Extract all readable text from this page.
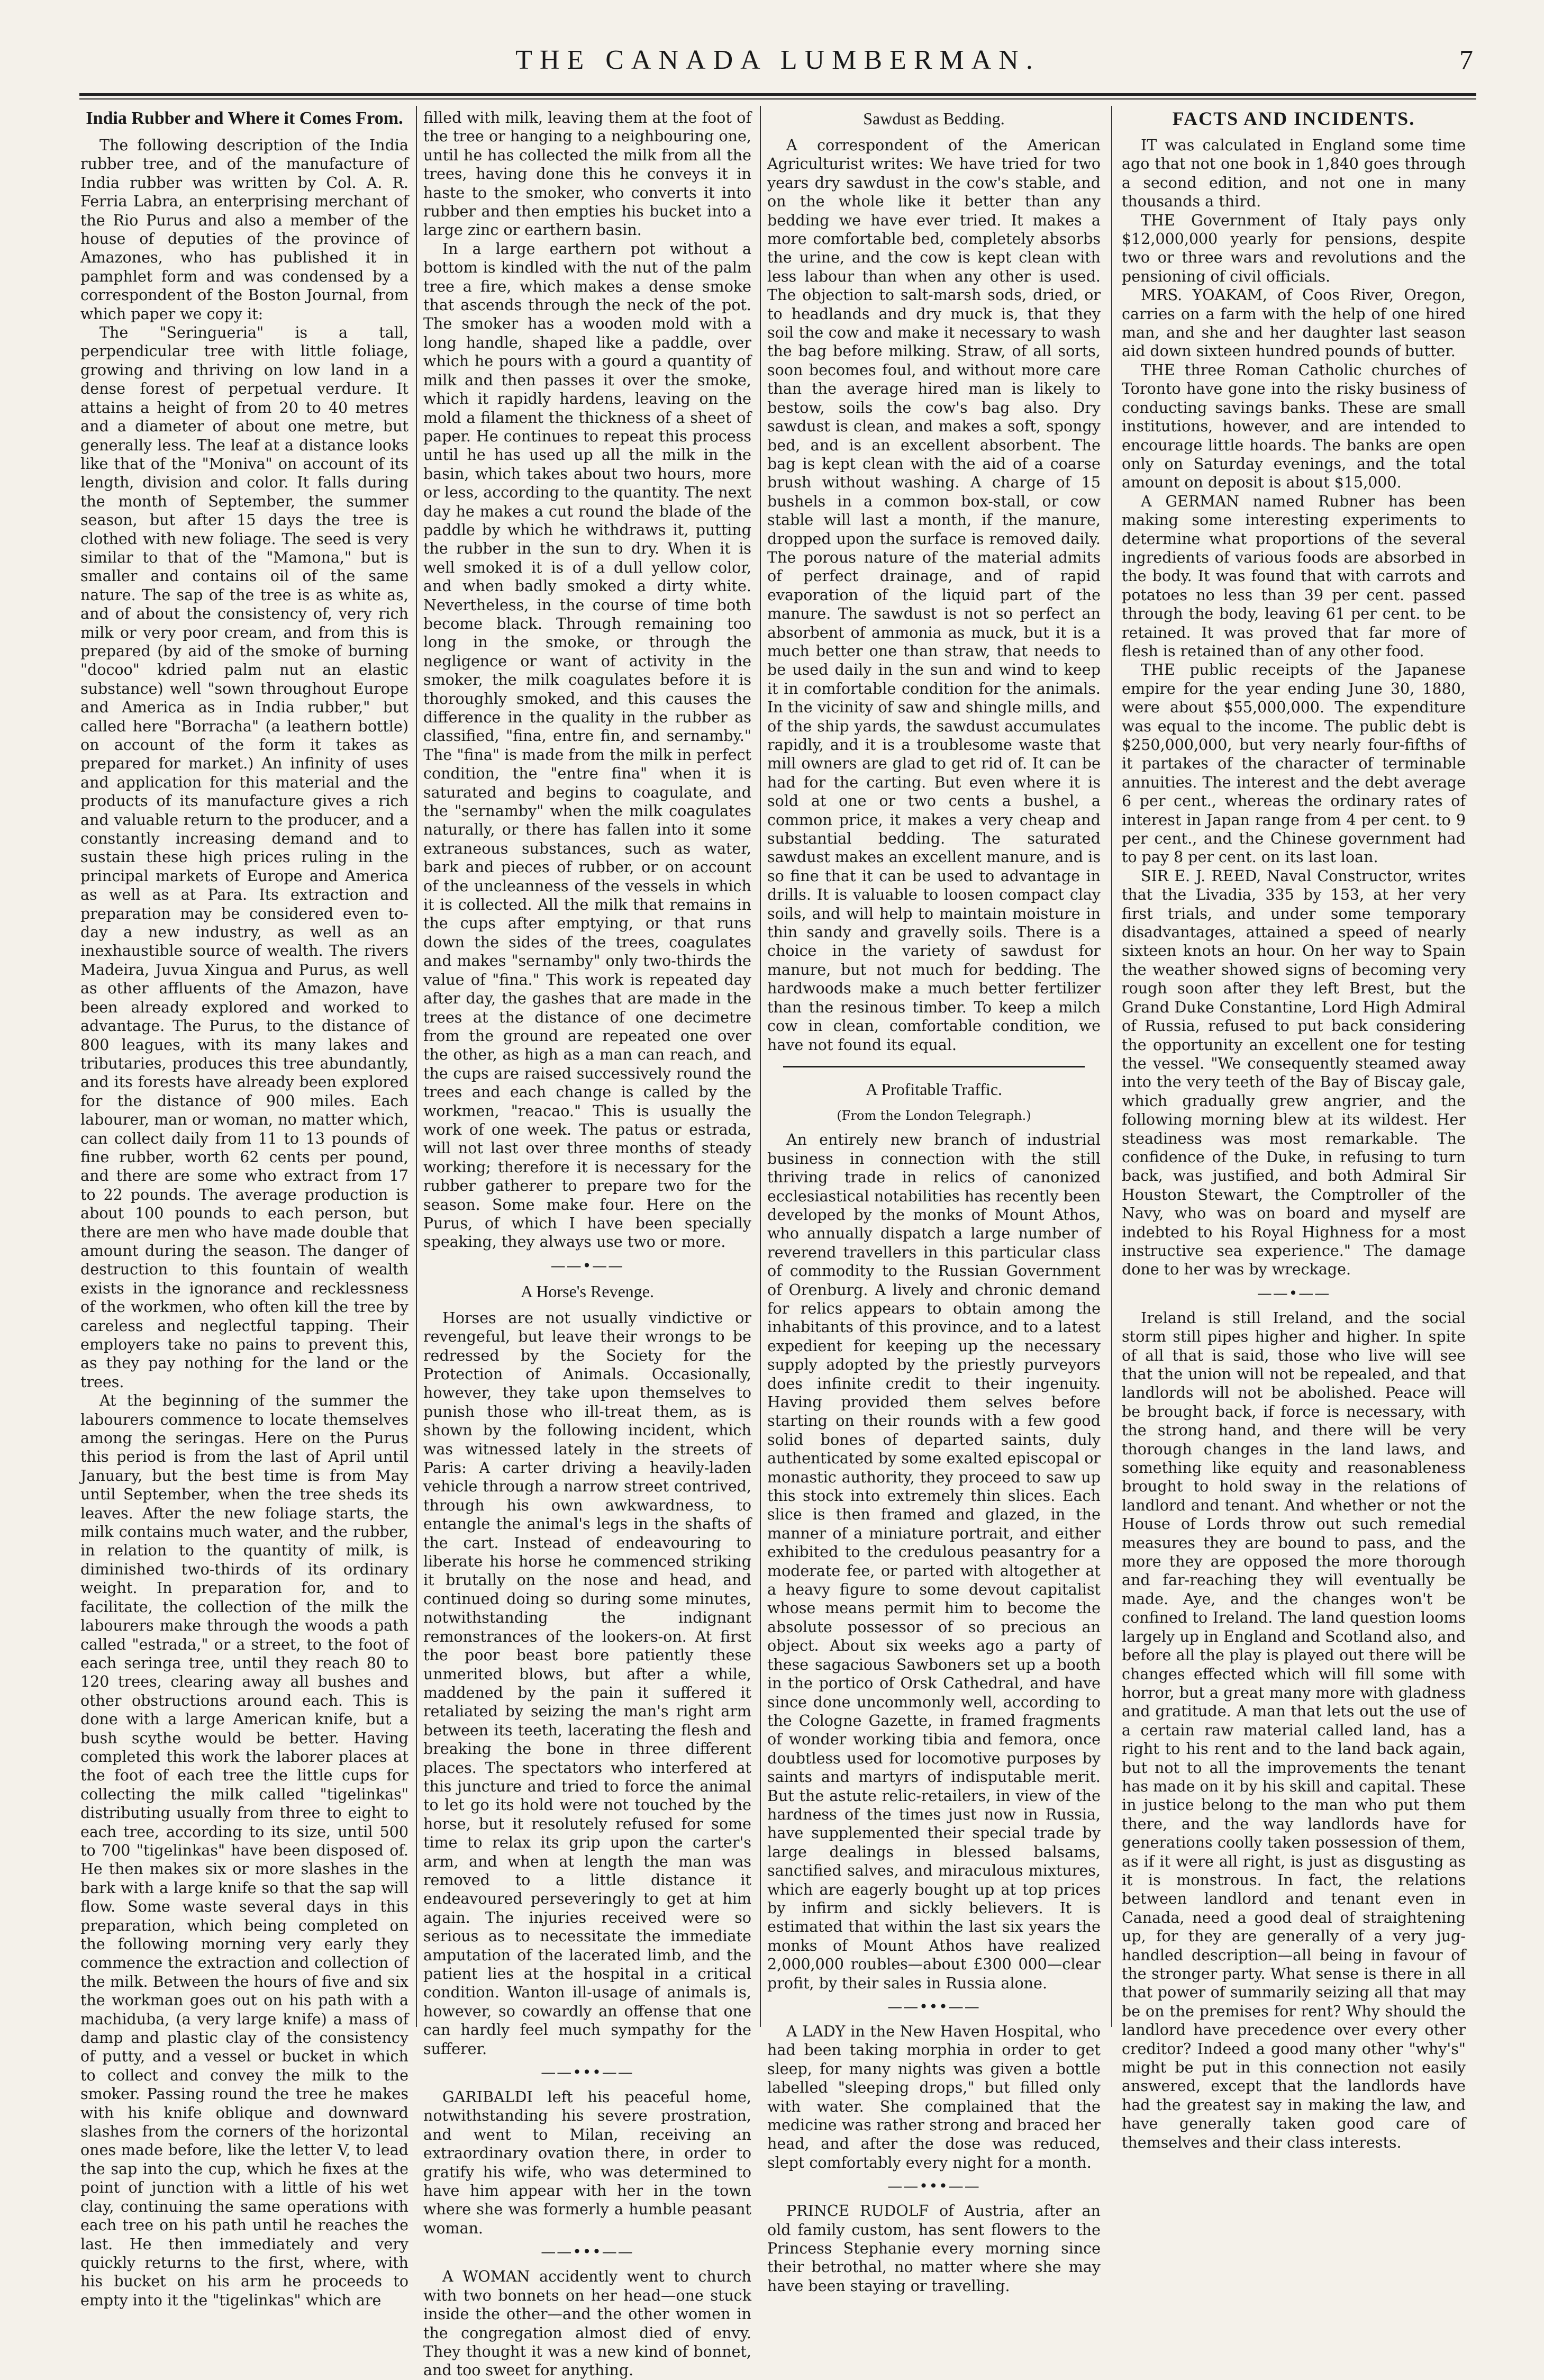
THE CANADA LUMBERMAN.	7
India Rubber and Where it Comes From.

The following description of the India rubber tree, and of the manufacture of India rubber was written by Col. A. R. Ferria Labra, an enterprising merchant of the Rio Purus and also a member of the house of deputies of the province of Amazones, who has published it in pamphlet form and was condensed by a correspondent of the Boston Journal, from which paper we copy it:

The "Seringueria" is a tall, perpendicular tree with little foliage, growing and thriving on low land in a dense forest of perpetual verdure. It attains a height of from 20 to 40 metres and a diameter of about one metre, but generally less. The leaf at a distance looks like that of the "Moniva" on account of its length, division and color. It falls during the month of September, the summer season, but after 15 days the tree is clothed with new foliage. The seed is very similar to that of the "Mamona," but is smaller and contains oil of the same nature. The sap of the tree is as white as, and of about the consistency of, very rich milk or very poor cream, and from this is prepared (by aid of the smoke of burning "docoo" kdried palm nut an elastic substance) well "sown throughout Europe and America as in India rubber," but called here "Borracha" (a leathern bottle) on account of the form it takes as prepared for market.) An infinity of uses and application for this material and the products of its manufacture gives a rich and valuable return to the producer, and a constantly increasing demand and to sustain these high prices ruling in the principal markets of Europe and America as well as at Para. Its extraction and preparation may be considered even to-day a new industry, as well as an inexhaustible source of wealth. The rivers Madeira, Juvua Xingua and Purus, as well as other affluents of the Amazon, have been already explored and worked to advantage. The Purus, to the distance of 800 leagues, with its many lakes and tributaries, produces this tree abundantly, and its forests have already been explored for the distance of 900 miles. Each labourer, man or woman, no matter which, can collect daily from 11 to 13 pounds of fine rubber, worth 62 cents per pound, and there are some who extract from 17 to 22 pounds. The average production is about 100 pounds to each person, but there are men who have made double that amount during the season. The danger of destruction to this fountain of wealth exists in the ignorance and recklessness of the workmen, who often kill the tree by careless and neglectful tapping. Their employers take no pains to prevent this, as they pay nothing for the land or the trees.

At the beginning of the summer the labourers commence to locate themselves among the seringas. Here on the Purus this period is from the last of April until January, but the best time is from May until September, when the tree sheds its leaves. After the new foliage starts, the milk contains much water, and the rubber, in relation to the quantity of milk, is diminished two-thirds of its ordinary weight. In preparation for, and to facilitate, the collection of the milk the labourers make through the woods a path called "estrada," or a street, to the foot of each seringa tree, until they reach 80 to 120 trees, clearing away all bushes and other obstructions around each. This is done with a large American knife, but a bush scythe would be better. Having completed this work the laborer places at the foot of each tree the little cups for collecting the milk called "tigelinkas" distributing usually from three to eight to each tree, according to its size, until 500 to 700 "tigelinkas" have been disposed of. He then makes six or more slashes in the bark with a large knife so that the sap will flow. Some waste several days in this preparation, which being completed on the following morning very early they commence the extraction and collection of the milk. Between the hours of five and six the workman goes out on his path with a machiduba, (a very large knife) a mass of damp and plastic clay of the consistency of putty, and a vessel or bucket in which to collect and convey the milk to the smoker. Passing round the tree he makes with his knife oblique and downward slashes from the corners of the horizontal ones made before, like the letter V, to lead the sap into the cup, which he fixes at the point of junction with a little of his wet clay, continuing the same operations with each tree on his path until he reaches the last. He then immediately and very quickly returns to the first, where, with his bucket on his arm he proceeds to empty into it the "tigelinkas" which are

filled with milk, leaving them at the foot of the tree or hanging to a neighbouring one, until he has collected the milk from all the trees, having done this he conveys it in haste to the smoker, who converts it into rubber and then empties his bucket into a large zinc or earthern basin.

In a large earthern pot without a bottom is kindled with the nut of the palm tree a fire, which makes a dense smoke that ascends through the neck of the pot. The smoker has a wooden mold with a long handle, shaped like a paddle, over which he pours with a gourd a quantity of milk and then passes it over the smoke, which it rapidly hardens, leaving on the mold a filament the thickness of a sheet of paper. He continues to repeat this process until he has used up all the milk in the basin, which takes about two hours, more or less, according to the quantity. The next day he makes a cut round the blade of the paddle by which he withdraws it, putting the rubber in the sun to dry. When it is well smoked it is of a dull yellow color, and when badly smoked a dirty white. Nevertheless, in the course of time both become black. Through remaining too long in the smoke, or through the negligence or want of activity in the smoker, the milk coagulates before it is thoroughly smoked, and this causes the difference in the quality in the rubber as classified, "fina, entre fin, and sernamby." The "fina" is made from the milk in perfect condition, the "entre fina" when it is saturated and begins to coagulate, and the "sernamby" when the milk coagulates naturally, or there has fallen into it some extraneous substances, such as water, bark and pieces of rubber, or on account of the uncleanness of the vessels in which it is collected. All the milk that remains in the cups after emptying, or that runs down the sides of the trees, coagulates and makes "sernamby" only two-thirds the value of "fina." This work is repeated day after day, the gashes that are made in the trees at the distance of one decimetre from the ground are repeated one over the other, as high as a man can reach, and the cups are raised successively round the trees and each change is called by the workmen, "reacao." This is usually the work of one week. The patus or estrada, will not last over three months of steady working; therefore it is necessary for the rubber gatherer to prepare two for the season. Some make four. Here on the Purus, of which I have been specially speaking, they always use two or more.

——•——
A Horse's Revenge.

Horses are not usually vindictive or revengeful, but leave their wrongs to be redressed by the Society for the Protection of Animals. Occasionally, however, they take upon themselves to punish those who ill-treat them, as is shown by the following incident, which was witnessed lately in the streets of Paris: A carter driving a heavily-laden vehicle through a narrow street contrived, through his own awkwardness, to entangle the animal's legs in the shafts of the cart. Instead of endeavouring to liberate his horse he commenced striking it brutally on the nose and head, and continued doing so during some minutes, notwithstanding the indignant remonstrances of the lookers-on. At first the poor beast bore patiently these unmerited blows, but after a while, maddened by the pain it suffered it retaliated by seizing the man's right arm between its teeth, lacerating the flesh and breaking the bone in three different places. The spectators who interfered at this juncture and tried to force the animal to let go its hold were not touched by the horse, but it resolutely refused for some time to relax its grip upon the carter's arm, and when at length the man was removed to a little distance it endeavoured perseveringly to get at him again. The injuries received were so serious as to necessitate the immediate amputation of the lacerated limb, and the patient lies at the hospital in a critical condition. Wanton ill-usage of animals is, however, so cowardly an offense that one can hardly feel much sympathy for the sufferer.

——•••——

GARIBALDI left his peaceful home, notwithstanding his severe prostration, and went to Milan, receiving an extraordinary ovation there, in order to gratify his wife, who was determined to have him appear with her in the town where she was formerly a humble peasant woman.

——•••——

A WOMAN accidently went to church with two bonnets on her head—one stuck inside the other—and the other women in the congregation almost died of envy. They thought it was a new kind of bonnet, and too sweet for anything.

Sawdust as Bedding.

A correspondent of the American Agriculturist writes: We have tried for two years dry sawdust in the cow's stable, and on the whole like it better than any bedding we have ever tried. It makes a more comfortable bed, completely absorbs the urine, and the cow is kept clean with less labour than when any other is used. The objection to salt-marsh sods, dried, or to headlands and dry muck is, that they soil the cow and make it necessary to wash the bag before milking. Straw, of all sorts, soon becomes foul, and without more care than the average hired man is likely to bestow, soils the cow's bag also. Dry sawdust is clean, and makes a soft, spongy bed, and is an excellent absorbent. The bag is kept clean with the aid of a coarse brush without washing. A charge of 15 bushels in a common box-stall, or cow stable will last a month, if the manure, dropped upon the surface is removed daily. The porous nature of the material admits of perfect drainage, and of rapid evaporation of the liquid part of the manure. The sawdust is not so perfect an absorbent of ammonia as muck, but it is a much better one than straw, that needs to be used daily in the sun and wind to keep it in comfortable condition for the animals. In the vicinity of saw and shingle mills, and of the ship yards, the sawdust accumulates rapidly, and it is a troublesome waste that mill owners are glad to get rid of. It can be had for the carting. But even where it is sold at one or two cents a bushel, a common price, it makes a very cheap and substantial bedding. The saturated sawdust makes an excellent manure, and is so fine that it can be used to advantage in drills. It is valuable to loosen compact clay soils, and will help to maintain moisture in thin sandy and gravelly soils. There is a choice in the variety of sawdust for manure, but not much for bedding. The hardwoods make a much better fertilizer than the resinous timber. To keep a milch cow in clean, comfortable condition, we have not found its equal.

A Profitable Traffic.
(From the London Telegraph.)

An entirely new branch of industrial business in connection with the still thriving trade in relics of canonized ecclesiastical notabilities has recently been developed by the monks of Mount Athos, who annually dispatch a large number of reverend travellers in this particular class of commodity to the Russian Government of Orenburg. A lively and chronic demand for relics appears to obtain among the inhabitants of this province, and to a latest expedient for keeping up the necessary supply adopted by the priestly purveyors does infinite credit to their ingenuity. Having provided them selves before starting on their rounds with a few good solid bones of departed saints, duly authenticated by some exalted episcopal or monastic authority, they proceed to saw up this stock into extremely thin slices. Each slice is then framed and glazed, in the manner of a miniature portrait, and either exhibited to the credulous peasantry for a moderate fee, or parted with altogether at a heavy figure to some devout capitalist whose means permit him to become the absolute possessor of so precious an object. About six weeks ago a party of these sagacious Sawboners set up a booth in the portico of Orsk Cathedral, and have since done uncommonly well, according to the Cologne Gazette, in framed fragments of wonder working tibia and femora, once doubtless used for locomotive purposes by saints and martyrs of indisputable merit. But the astute relic-retailers, in view of the hardness of the times just now in Russia, have supplemented their special trade by large dealings in blessed balsams, sanctified salves, and miraculous mixtures, which are eagerly bought up at top prices by infirm and sickly believers. It is estimated that within the last six years the monks of Mount Athos have realized 2,000,000 roubles—about £300 000—clear profit, by their sales in Russia alone.

——•••——

A LADY in the New Haven Hospital, who had been taking morphia in order to get sleep, for many nights was given a bottle labelled "sleeping drops," but filled only with water. She complained that the medicine was rather strong and braced her head, and after the dose was reduced, slept comfortably every night for a month.

——•••——

PRINCE RUDOLF of Austria, after an old family custom, has sent flowers to the Princess Stephanie every morning since their betrothal, no matter where she may have been staying or travelling.

FACTS AND INCIDENTS.

IT was calculated in England some time ago that not one book in 1,840 goes through a second edition, and not one in many thousands a third.

THE Government of Italy pays only $12,000,000 yearly for pensions, despite two or three wars and revolutions and the pensioning of civil officials.

MRS. YOAKAM, of Coos River, Oregon, carries on a farm with the help of one hired man, and she and her daughter last season aid down sixteen hundred pounds of butter.

THE three Roman Catholic churches of Toronto have gone into the risky business of conducting savings banks. These are small institutions, however, and are intended to encourage little hoards. The banks are open only on Saturday evenings, and the total amount on deposit is about $15,000.

A GERMAN named Rubner has been making some interesting experiments to determine what proportions of the several ingredients of various foods are absorbed in the body. It was found that with carrots and potatoes no less than 39 per cent. passed through the body, leaving 61 per cent. to be retained. It was proved that far more of flesh is retained than of any other food.

THE public receipts of the Japanese empire for the year ending June 30, 1880, were about $55,000,000. The expenditure was equal to the income. The public debt is $250,000,000, but very nearly four-fifths of it partakes of the character of terminable annuities. The interest and the debt average 6 per cent., whereas the ordinary rates of interest in Japan range from 4 per cent. to 9 per cent., and the Chinese government had to pay 8 per cent. on its last loan.

SIR E. J. REED, Naval Constructor, writes that the Livadia, 335 by 153, at her very first trials, and under some temporary disadvantages, attained a speed of nearly sixteen knots an hour. On her way to Spain the weather showed signs of becoming very rough soon after they left Brest, but the Grand Duke Constantine, Lord High Admiral of Russia, refused to put back considering the opportunity an excellent one for testing the vessel. "We consequently steamed away into the very teeth of the Bay of Biscay gale, which gradually grew angrier, and the following morning blew at its wildest. Her steadiness was most remarkable. The confidence of the Duke, in refusing to turn back, was justified, and both Admiral Sir Houston Stewart, the Comptroller of the Navy, who was on board and myself are indebted to his Royal Highness for a most instructive sea experience." The damage done to her was by wreckage.

——•——

Ireland is still Ireland, and the social storm still pipes higher and higher. In spite of all that is said, those who live will see that the union will not be repealed, and that landlords will not be abolished. Peace will be brought back, if force is necessary, with the strong hand, and there will be very thorough changes in the land laws, and something like equity and reasonableness brought to hold sway in the relations of landlord and tenant. And whether or not the House of Lords throw out such remedial measures they are bound to pass, and the more they are opposed the more thorough and far-reaching they will eventually be made. Aye, and the changes won't be confined to Ireland. The land question looms largely up in England and Scotland also, and before all the play is played out there will be changes effected which will fill some with horror, but a great many more with gladness and gratitude. A man that lets out the use of a certain raw material called land, has a right to his rent and to the land back again, but not to all the improvements the tenant has made on it by his skill and capital. These in justice belong to the man who put them there, and the way landlords have for generations coolly taken possession of them, as if it were all right, is just as disgusting as it is monstrous. In fact, the relations between landlord and tenant even in Canada, need a good deal of straightening up, for they are generally of a very jug-handled description—all being in favour of the stronger party. What sense is there in all that power of summarily seizing all that may be on the premises for rent? Why should the landlord have precedence over every other creditor? Indeed a good many other "why's" might be put in this connection not easily answered, except that the landlords have had the greatest say in making the law, and have generally taken good care of themselves and their class interests.
